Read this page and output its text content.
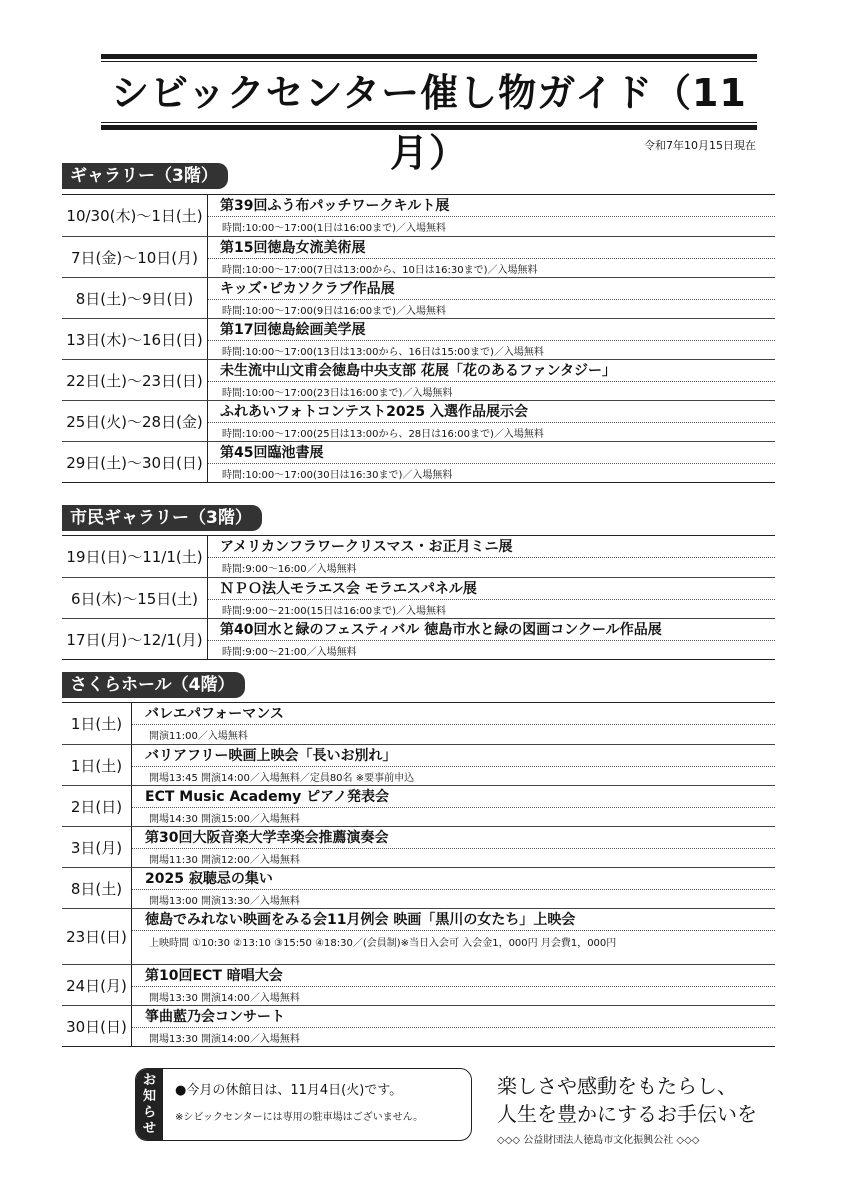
シビックセンター催し物ガイド（11月）	令和7年10月15日現在
ギャラリー（3階）
10/30(木)～1日(土)
第39回ふう布パッチワークキルト展
時間:10:00～17:00(1日は16:00まで)／入場無料
7日(金)～10日(月)
第15回徳島女流美術展
時間:10:00～17:00(7日は13:00から、10日は16:30まで)／入場無料
8日(土)～9日(日)
キッズ･ピカソクラブ作品展
時間:10:00～17:00(9日は16:00まで)／入場無料
13日(木)～16日(日)
第17回徳島絵画美学展
時間:10:00～17:00(13日は13:00から、16日は15:00まで)／入場無料
22日(土)～23日(日)
未生流中山文甫会徳島中央支部 花展「花のあるファンタジー」
時間:10:00～17:00(23日は16:00まで)／入場無料
25日(火)～28日(金)
ふれあいフォトコンテスト2025 入選作品展示会
時間:10:00～17:00(25日は13:00から、28日は16:00まで)／入場無料
29日(土)～30日(日)
第45回臨池書展
時間:10:00～17:00(30日は16:30まで)／入場無料
市民ギャラリー（3階）
19日(日)～11/1(土)
アメリカンフラワークリスマス・お正月ミニ展
時間:9:00～16:00／入場無料
6日(木)～15日(土)
ＮＰＯ法人モラエス会 モラエスパネル展
時間:9:00～21:00(15日は16:00まで)／入場無料
17日(月)～12/1(月)
第40回水と緑のフェスティバル 徳島市水と緑の図画コンクール作品展
時間:9:00～21:00／入場無料
さくらホール（4階）
1日(土)
バレエパフォーマンス
開演11:00／入場無料
1日(土)
バリアフリー映画上映会「長いお別れ」
開場13:45 開演14:00／入場無料／定員80名 ※要事前申込
2日(日)
ECT Music Academy ピアノ発表会
開場14:30 開演15:00／入場無料
3日(月)
第30回大阪音楽大学幸楽会推薦演奏会
開場11:30 開演12:00／入場無料
8日(土)
2025 寂聴忌の集い
開場13:00 開演13:30／入場無料
23日(日)
徳島でみれない映画をみる会11月例会 映画「黒川の女たち」上映会
上映時間 ①10:30 ②13:10 ③15:50 ④18:30／(会員制)※当日入会可 入会金1，000円 月会費1，000円
24日(月)
第10回ECT 暗唱大会
開場13:30 開演14:00／入場無料
30日(日)
箏曲藍乃会コンサート
開場13:30 開演14:00／入場無料
お
知
ら
せ
●今月の休館日は、11月4日(火)です。
※シビックセンターには専用の駐車場はございません。
楽しさや感動をもたらし、
人生を豊かにするお手伝いを
◇◇◇ 公益財団法人徳島市文化振興公社 ◇◇◇
